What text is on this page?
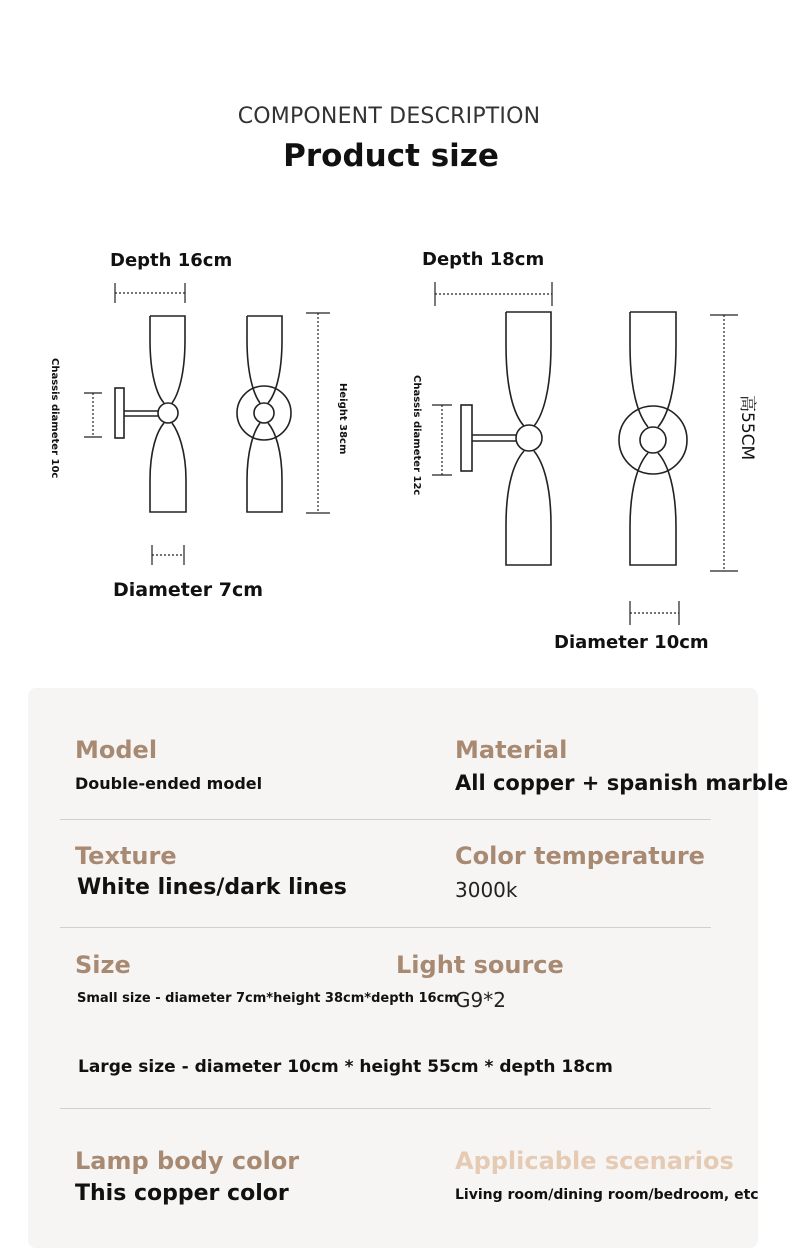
COMPONENT DESCRIPTION
Product size
Depth 16cm
Chassis diameter 10c	Height 38cm
Diameter 7cm
Depth 18cm
Chassis diameter 12c	高55CM
Diameter 10cm
Model
Double-ended model
Material
All copper + spanish marble
Texture
White lines/dark lines
Color temperature
3000k
Size
Small size - diameter 7cm*height 38cm*depth 16cm
Light source
G9*2
Large size - diameter 10cm * height 55cm * depth 18cm
Lamp body color
This copper color
Applicable scenarios
Living room/dining room/bedroom, etc
